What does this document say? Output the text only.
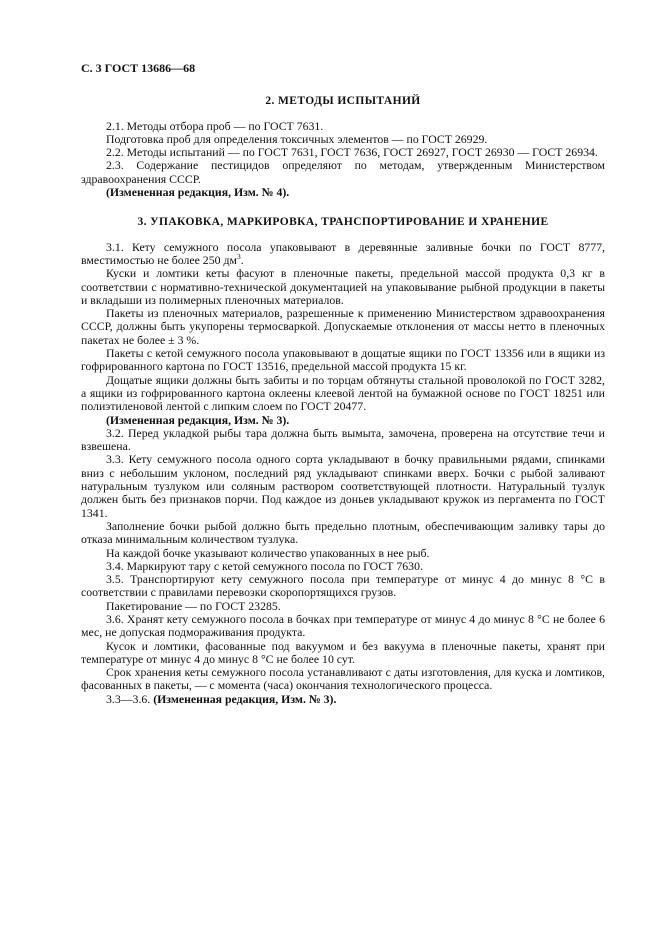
С. 3 ГОСТ 13686—68
2. МЕТОДЫ ИСПЫТАНИЙ

2.1. Методы отбора проб — по ГОСТ 7631.

Подготовка проб для определения токсичных элементов — по ГОСТ 26929.

2.2. Методы испытаний — по ГОСТ 7631, ГОСТ 7636, ГОСТ 26927, ГОСТ 26930 — ГОСТ 26934.

2.3. Содержание пестицидов определяют по методам, утвержденным Министерством здравоохранения СССР.

(Измененная редакция, Изм. № 4).

3. УПАКОВКА, МАРКИРОВКА, ТРАНСПОРТИРОВАНИЕ И ХРАНЕНИЕ

3.1. Кету семужного посола упаковывают в деревянные заливные бочки по ГОСТ 8777, вместимостью не более 250 $дм^3$.

Куски и ломтики кеты фасуют в пленочные пакеты, предельной массой продукта 0,3 кг в соответствии с нормативно-технической документацией на упаковывание рыбной продукции в пакеты и вкладыши из полимерных пленочных материалов.

Пакеты из пленочных материалов, разрешенные к применению Министерством здравоохранения СССР, должны быть укупорены термосваркой. Допускаемые отклонения от массы нетто в пленочных пакетах не более ± 3 %.

Пакеты с кетой семужного посола упаковывают в дощатые ящики по ГОСТ 13356 или в ящики из гофрированного картона по ГОСТ 13516, предельной массой продукта 15 кг.

Дощатые ящики должны быть забиты и по торцам обтянуты стальной проволокой по ГОСТ 3282, а ящики из гофрированного картона оклеены клеевой лентой на бумажной основе по ГОСТ 18251 или полиэтиленовой лентой с липким слоем по ГОСТ 20477.

(Измененная редакция, Изм. № 3).

3.2. Перед укладкой рыбы тара должна быть вымыта, замочена, проверена на отсутствие течи и взвешена.

3.3. Кету семужного посола одного сорта укладывают в бочку правильными рядами, спинками вниз с небольшим уклоном, последний ряд укладывают спинками вверх. Бочки с рыбой заливают натуральным тузлуком или соляным раствором соответствующей плотности. Натуральный тузлук должен быть без признаков порчи. Под каждое из доньев укладывают кружок из пергамента по ГОСТ 1341.

Заполнение бочки рыбой должно быть предельно плотным, обеспечивающим заливку тары до отказа минимальным количеством тузлука.

На каждой бочке указывают количество упакованных в нее рыб.

3.4. Маркируют тару с кетой семужного посола по ГОСТ 7630.

3.5. Транспортируют кету семужного посола при температуре от минус 4 до минус 8 °С в соответствии с правилами перевозки скоропортящихся грузов.

Пакетирование — по ГОСТ 23285.

3.6. Хранят кету семужного посола в бочках при температуре от минус 4 до минус 8 °С не более 6 мес, не допуская подмораживания продукта.

Кусок и ломтики, фасованные под вакуумом и без вакуума в пленочные пакеты, хранят при температуре от минус 4 до минус 8 °С не более 10 сут.

Срок хранения кеты семужного посола устанавливают с даты изготовления, для куска и ломтиков, фасованных в пакеты, — с момента (часа) окончания технологического процесса.

3.3—3.6. (Измененная редакция, Изм. № 3).
